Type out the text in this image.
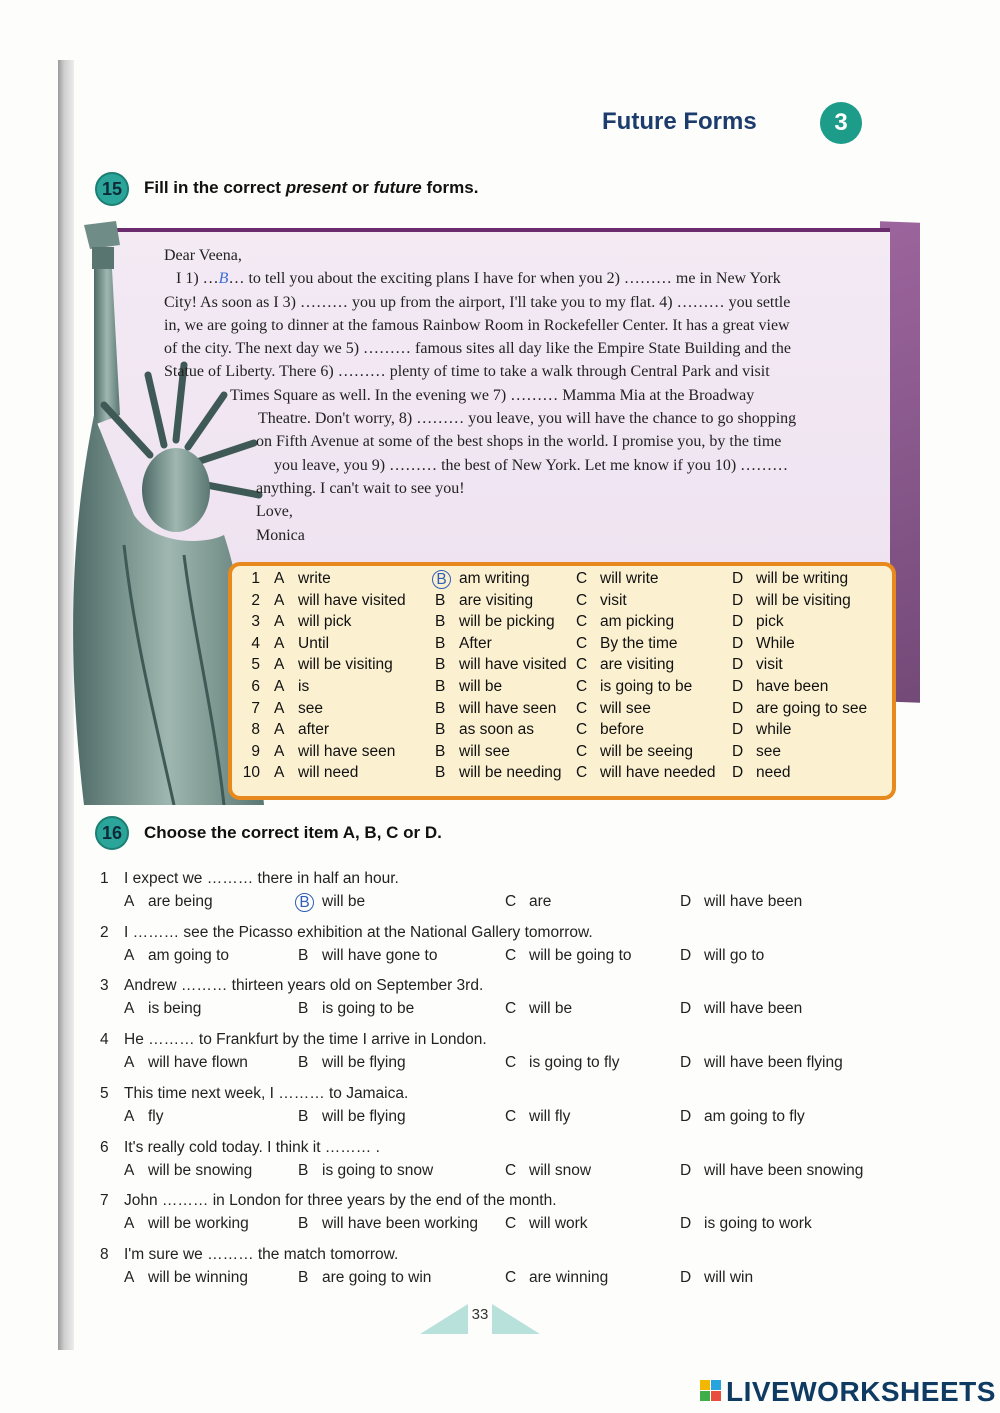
Future Forms	3
15	Fill in the correct present or future forms.

Dear Veena,

I 1) …B… to tell you about the exciting plans I have for when you 2) ……… me in New York

City! As soon as I 3) ……… you up from the airport, I'll take you to my flat. 4) ……… you settle

in, we are going to dinner at the famous Rainbow Room in Rockefeller Center. It has a great view

of the city. The next day we 5) ……… famous sites all day like the Empire State Building and the

Statue of Liberty. There 6) ……… plenty of time to take a walk through Central Park and visit

Times Square as well. In the evening we 7) ……… Mamma Mia at the Broadway

Theatre. Don't worry, 8) ……… you leave, you will have the chance to go shopping

on Fifth Avenue at some of the best shops in the world. I promise you, by the time

you leave, you 9) ……… the best of New York. Let me know if you 10) ………

anything. I can't wait to see you!

Love,

Monica

1 A write	B am writing	C will write	D will be writing
2 A will have visited B are visiting	C visit	D will be visiting
3 A will pick	B will be picking C am picking	D pick
4 A Until	B After	C By the time	D While
5 A will be visiting	B will have visited C are visiting	D visit
6 A is	B will be	C is going to be	D have been
7 A see	B will have seen C will see	D are going to see
8 A after	B as soon as	C before	D while
9 A will have seen	B will see	C will be seeing	D see
10 A will need	B will be needing C will have needed D need
16	Choose the correct item A, B, C or D.
1 I expect we ……… there in half an hour.
A are being	B will be	C are	D will have been
2 I ……… see the Picasso exhibition at the National Gallery tomorrow.
A am going to	B will have gone to	C will be going to	D will go to
3 Andrew ……… thirteen years old on September 3rd.
A is being	B is going to be	C will be	D will have been
4 He ……… to Frankfurt by the time I arrive in London.
A will have flown	B will be flying	C is going to fly	D will have been flying
5 This time next week, I ……… to Jamaica.
A fly	B will be flying	C will fly	D am going to fly
6 It's really cold today. I think it ……… .
A will be snowing	B is going to snow	C will snow	D will have been snowing
7 John ……… in London for three years by the end of the month.
A will be working	B will have been working C will work	D is going to work
8 I'm sure we ……… the match tomorrow.
A will be winning	B are going to win	C are winning	D will win
33
LIVEWORKSHEETS
